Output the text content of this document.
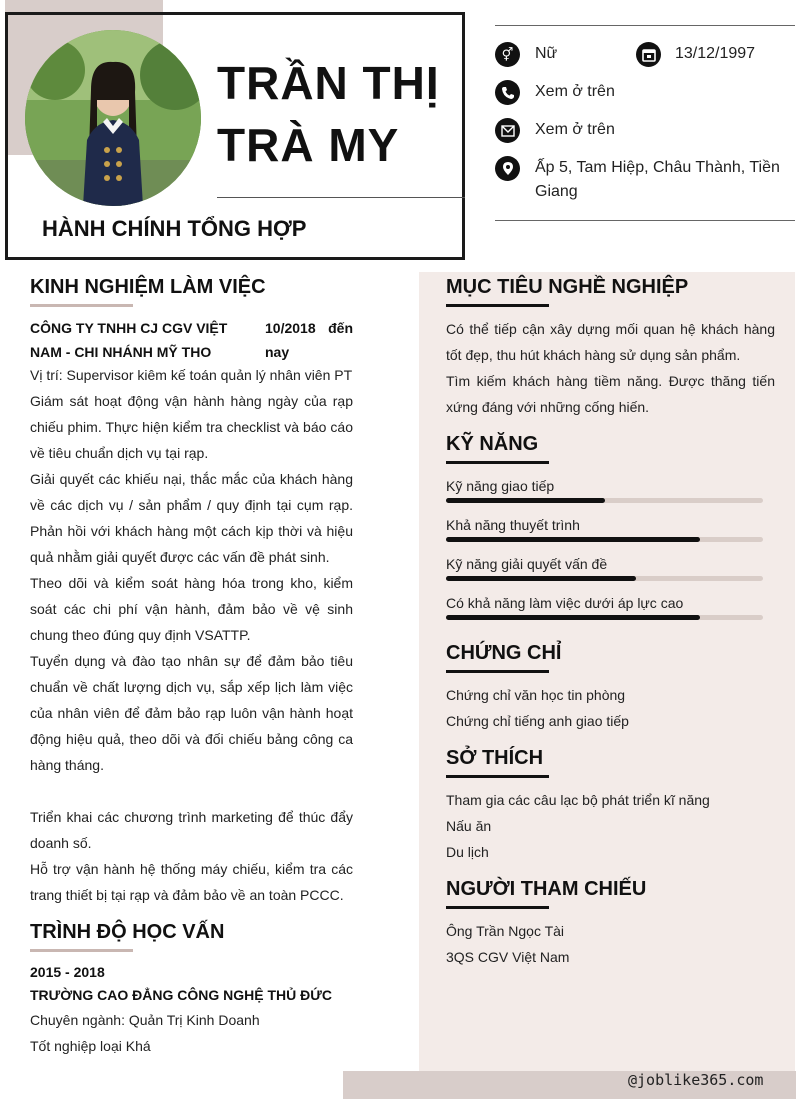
TRẦN THỊ
TRÀ MY
HÀNH CHÍNH TỔNG HỢP
⚥	Nữ	13/12/1997
Xem ở trên
Xem ở trên
Ấp 5, Tam Hiệp, Châu Thành, Tiền Giang
KINH NGHIỆM LÀM VIỆC
CÔNG TY TNHH CJ CGV VIỆT NAM - CHI NHÁNH MỸ THO
10/2018 đến nay
Vị trí: Supervisor kiêm kế toán quản lý nhân viên PT
Giám sát hoạt động vận hành hàng ngày của rạp chiếu phim. Thực hiện kiểm tra checklist và báo cáo về tiêu chuẩn dịch vụ tại rạp.
Giải quyết các khiếu nại, thắc mắc của khách hàng về các dịch vụ / sản phẩm / quy định tại cụm rạp. Phản hồi với khách hàng một cách kịp thời và hiệu quả nhằm giải quyết được các vấn đề phát sinh.
Theo dõi và kiểm soát hàng hóa trong kho, kiểm soát các chi phí vận hành, đảm bảo về vệ sinh chung theo đúng quy định VSATTP.
Tuyển dụng và đào tạo nhân sự để đảm bảo tiêu chuẩn về chất lượng dịch vụ, sắp xếp lịch làm việc của nhân viên để đảm bảo rạp luôn vận hành hoạt động hiệu quả, theo dõi và đối chiếu bảng công ca hàng tháng.
Triển khai các chương trình marketing để thúc đẩy doanh số.
Hỗ trợ vận hành hệ thống máy chiếu, kiểm tra các trang thiết bị tại rạp và đảm bảo về an toàn PCCC.
TRÌNH ĐỘ HỌC VẤN
2015 - 2018
TRƯỜNG CAO ĐẲNG CÔNG NGHỆ THỦ ĐỨC
Chuyên ngành: Quản Trị Kinh Doanh
Tốt nghiệp loại Khá
MỤC TIÊU NGHỀ NGHIỆP
Có thể tiếp cận xây dựng mối quan hệ khách hàng tốt đẹp, thu hút khách hàng sử dụng sản phẩm.
Tìm kiếm khách hàng tiềm năng. Được thăng tiến xứng đáng với những cống hiến.
KỸ NĂNG
Kỹ năng giao tiếp
Khả năng thuyết trình
Kỹ năng giải quyết vấn đề
Có khả năng làm việc dưới áp lực cao
CHỨNG CHỈ
Chứng chỉ văn học tin phòng
Chứng chỉ tiếng anh giao tiếp
SỞ THÍCH
Tham gia các câu lạc bộ phát triển kĩ năng
Nấu ăn
Du lịch
NGƯỜI THAM CHIẾU
Ông Trần Ngọc Tài
3QS CGV Việt Nam
@joblike365.com
